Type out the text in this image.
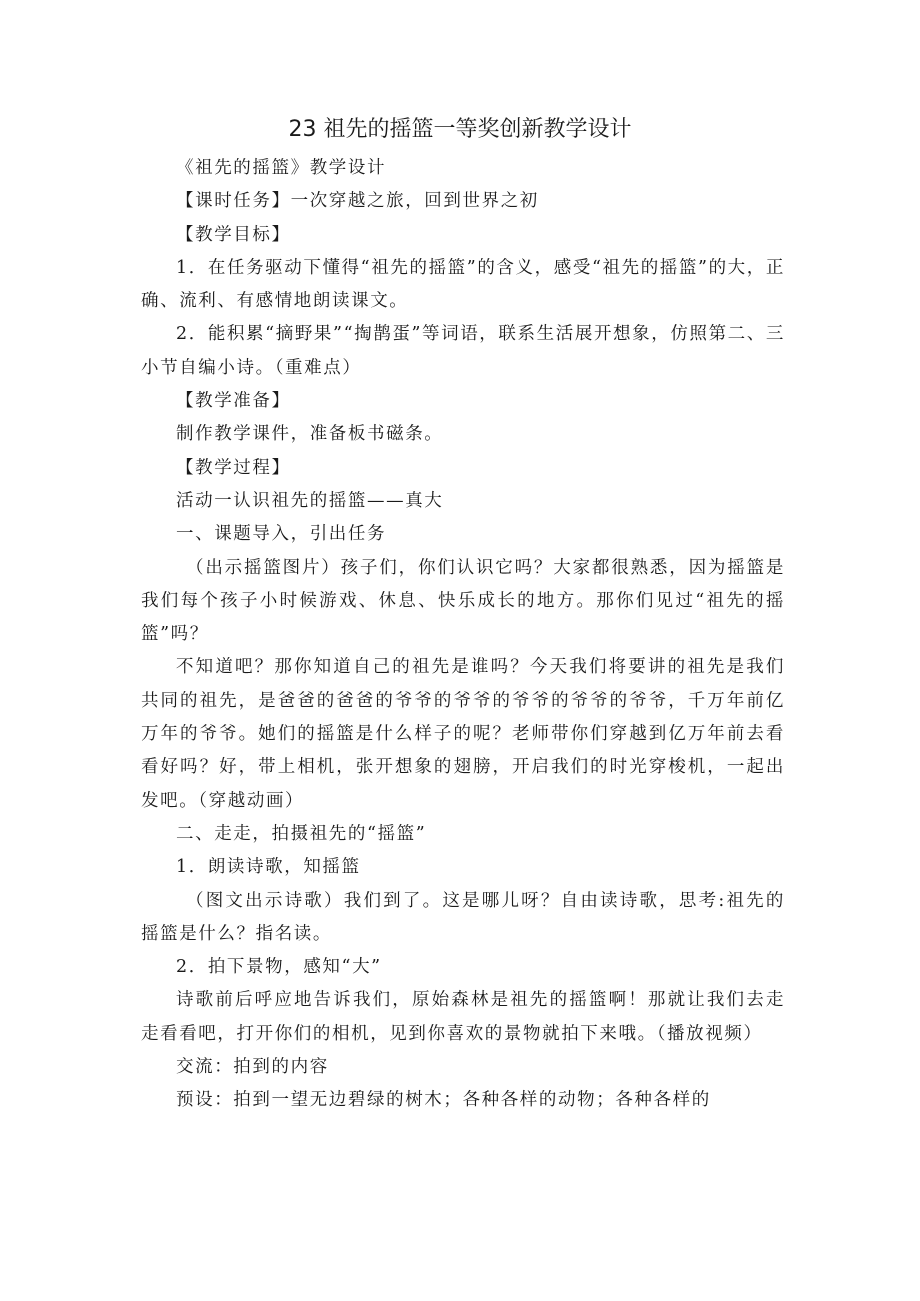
23 祖先的摇篮一等奖创新教学设计

《祖先的摇篮》教学设计

【课时任务】一次穿越之旅，回到世界之初

【教学目标】

1．在任务驱动下懂得“祖先的摇篮”的含义，感受“祖先的摇篮”的大，正确、流利、有感情地朗读课文。

2．能积累“摘野果”“掏鹊蛋”等词语，联系生活展开想象，仿照第二、三小节自编小诗。（重难点）

【教学准备】

制作教学课件，准备板书磁条。

【教学过程】

活动一认识祖先的摇篮——真大

一、课题导入，引出任务

（出示摇篮图片）孩子们，你们认识它吗？大家都很熟悉，因为摇篮是我们每个孩子小时候游戏、休息、快乐成长的地方。那你们见过“祖先的摇篮”吗？

不知道吧？那你知道自己的祖先是谁吗？今天我们将要讲的祖先是我们共同的祖先，是爸爸的爸爸的爷爷的爷爷的爷爷的爷爷的爷爷，千万年前亿万年的爷爷。她们的摇篮是什么样子的呢？老师带你们穿越到亿万年前去看看好吗？好，带上相机，张开想象的翅膀，开启我们的时光穿梭机，一起出发吧。（穿越动画）

二、走走，拍摄祖先的“摇篮”

1．朗读诗歌，知摇篮

（图文出示诗歌）我们到了。这是哪儿呀？自由读诗歌，思考:祖先的摇篮是什么？指名读。

2．拍下景物，感知“大”

诗歌前后呼应地告诉我们，原始森林是祖先的摇篮啊！那就让我们去走走看看吧，打开你们的相机，见到你喜欢的景物就拍下来哦。（播放视频）

交流：拍到的内容

预设：拍到一望无边碧绿的树木；各种各样的动物；各种各样的
